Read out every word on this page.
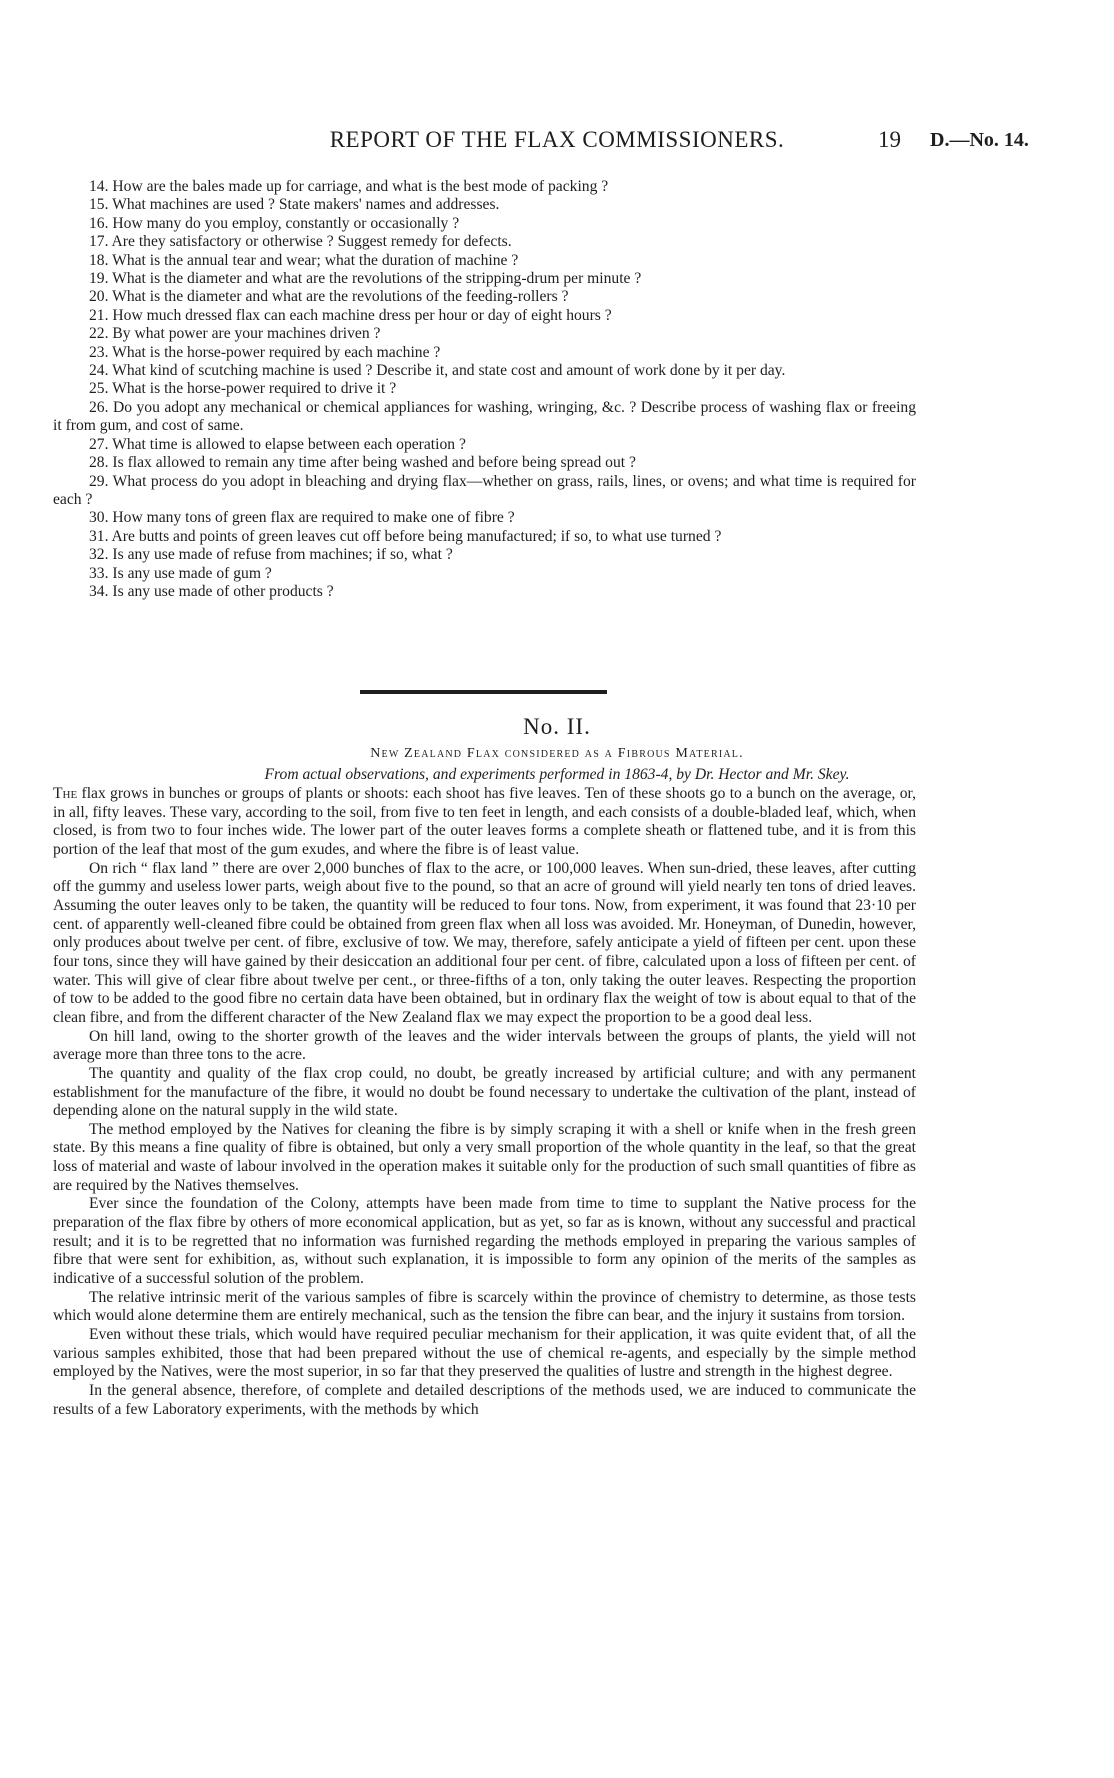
REPORT OF THE FLAX COMMISSIONERS.	19 D.—No. 14.

14. How are the bales made up for carriage, and what is the best mode of packing ?

15. What machines are used ? State makers' names and addresses.

16. How many do you employ, constantly or occasionally ?

17. Are they satisfactory or otherwise ? Suggest remedy for defects.

18. What is the annual tear and wear; what the duration of machine ?

19. What is the diameter and what are the revolutions of the stripping-drum per minute ?

20. What is the diameter and what are the revolutions of the feeding-rollers ?

21. How much dressed flax can each machine dress per hour or day of eight hours ?

22. By what power are your machines driven ?

23. What is the horse-power required by each machine ?

24. What kind of scutching machine is used ? Describe it, and state cost and amount of work done by it per day.

25. What is the horse-power required to drive it ?

26. Do you adopt any mechanical or chemical appliances for washing, wringing, &c. ? Describe process of washing flax or freeing it from gum, and cost of same.

27. What time is allowed to elapse between each operation ?

28. Is flax allowed to remain any time after being washed and before being spread out ?

29. What process do you adopt in bleaching and drying flax—whether on grass, rails, lines, or ovens; and what time is required for each ?

30. How many tons of green flax are required to make one of fibre ?

31. Are butts and points of green leaves cut off before being manufactured; if so, to what use turned ?

32. Is any use made of refuse from machines; if so, what ?

33. Is any use made of gum ?

34. Is any use made of other products ?

No. II.
New Zealand Flax considered as a Fibrous Material.
From actual observations, and experiments performed in 1863-4, by Dr. Hector and Mr. Skey.

The flax grows in bunches or groups of plants or shoots: each shoot has five leaves. Ten of these shoots go to a bunch on the average, or, in all, fifty leaves. These vary, according to the soil, from five to ten feet in length, and each consists of a double-bladed leaf, which, when closed, is from two to four inches wide. The lower part of the outer leaves forms a complete sheath or flattened tube, and it is from this portion of the leaf that most of the gum exudes, and where the fibre is of least value.

On rich “ flax land ” there are over 2,000 bunches of flax to the acre, or 100,000 leaves. When sun-dried, these leaves, after cutting off the gummy and useless lower parts, weigh about five to the pound, so that an acre of ground will yield nearly ten tons of dried leaves. Assuming the outer leaves only to be taken, the quantity will be reduced to four tons. Now, from experiment, it was found that 23·10 per cent. of apparently well-cleaned fibre could be obtained from green flax when all loss was avoided. Mr. Honeyman, of Dunedin, however, only produces about twelve per cent. of fibre, exclusive of tow. We may, therefore, safely anticipate a yield of fifteen per cent. upon these four tons, since they will have gained by their desiccation an additional four per cent. of fibre, calculated upon a loss of fifteen per cent. of water. This will give of clear fibre about twelve per cent., or three-fifths of a ton, only taking the outer leaves. Respecting the proportion of tow to be added to the good fibre no certain data have been obtained, but in ordinary flax the weight of tow is about equal to that of the clean fibre, and from the different character of the New Zealand flax we may expect the proportion to be a good deal less.

On hill land, owing to the shorter growth of the leaves and the wider intervals between the groups of plants, the yield will not average more than three tons to the acre.

The quantity and quality of the flax crop could, no doubt, be greatly increased by artificial culture; and with any permanent establishment for the manufacture of the fibre, it would no doubt be found necessary to undertake the cultivation of the plant, instead of depending alone on the natural supply in the wild state.

The method employed by the Natives for cleaning the fibre is by simply scraping it with a shell or knife when in the fresh green state. By this means a fine quality of fibre is obtained, but only a very small proportion of the whole quantity in the leaf, so that the great loss of material and waste of labour involved in the operation makes it suitable only for the production of such small quantities of fibre as are required by the Natives themselves.

Ever since the foundation of the Colony, attempts have been made from time to time to supplant the Native process for the preparation of the flax fibre by others of more economical application, but as yet, so far as is known, without any successful and practical result; and it is to be regretted that no information was furnished regarding the methods employed in preparing the various samples of fibre that were sent for exhibition, as, without such explanation, it is impossible to form any opinion of the merits of the samples as indicative of a successful solution of the problem.

The relative intrinsic merit of the various samples of fibre is scarcely within the province of chemistry to determine, as those tests which would alone determine them are entirely mechanical, such as the tension the fibre can bear, and the injury it sustains from torsion.

Even without these trials, which would have required peculiar mechanism for their application, it was quite evident that, of all the various samples exhibited, those that had been prepared without the use of chemical re-agents, and especially by the simple method employed by the Natives, were the most superior, in so far that they preserved the qualities of lustre and strength in the highest degree.

In the general absence, therefore, of complete and detailed descriptions of the methods used, we are induced to communicate the results of a few Laboratory experiments, with the methods by which
